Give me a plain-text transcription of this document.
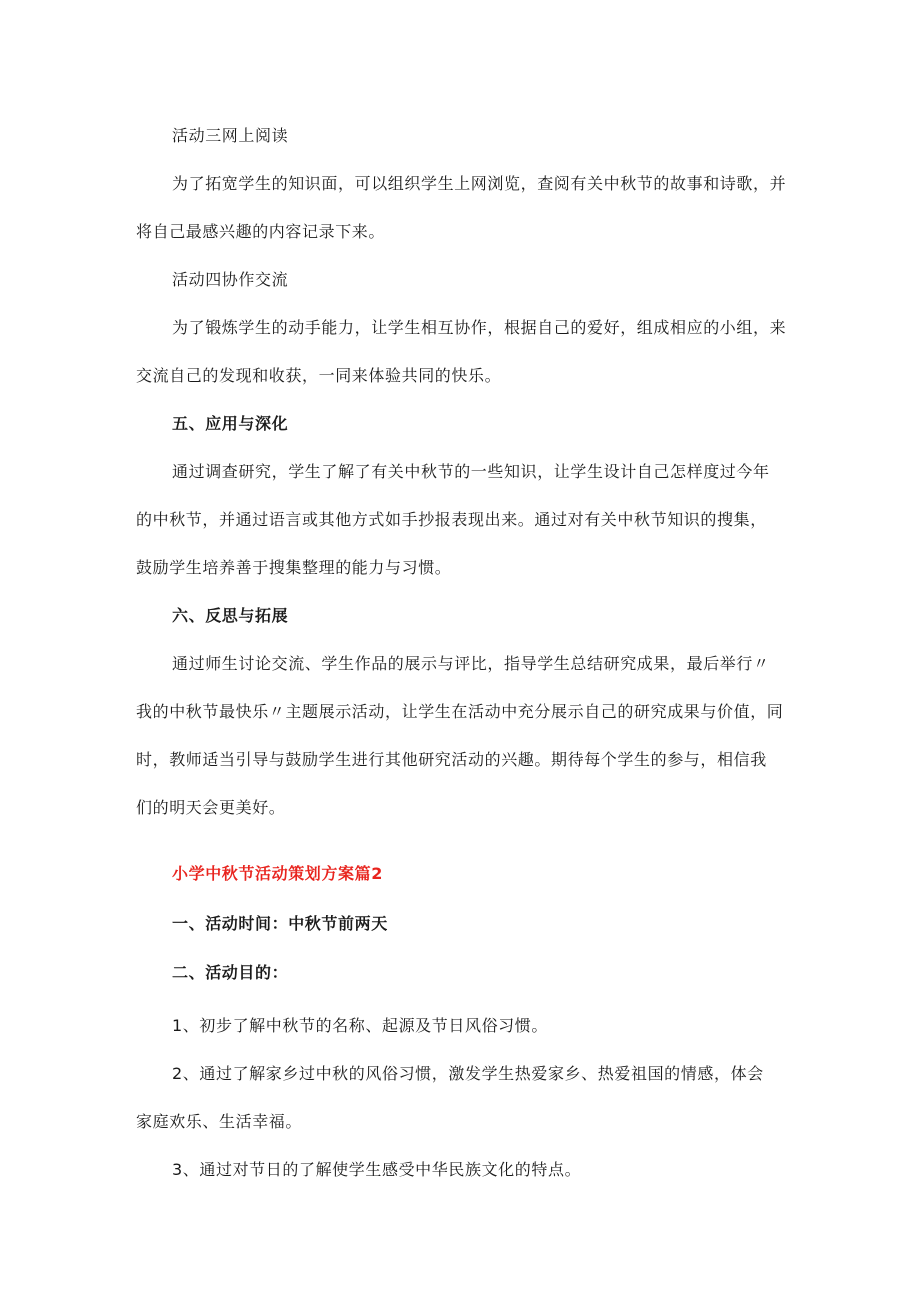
活动三网上阅读
为了拓宽学生的知识面，可以组织学生上网浏览，查阅有关中秋节的故事和诗歌，并
将自己最感兴趣的内容记录下来。
活动四协作交流
为了锻炼学生的动手能力，让学生相互协作，根据自己的爱好，组成相应的小组，来
交流自己的发现和收获，一同来体验共同的快乐。
五、应用与深化
通过调查研究，学生了解了有关中秋节的一些知识，让学生设计自己怎样度过今年
的中秋节，并通过语言或其他方式如手抄报表现出来。通过对有关中秋节知识的搜集，
鼓励学生培养善于搜集整理的能力与习惯。
六、反思与拓展
通过师生讨论交流、学生作品的展示与评比，指导学生总结研究成果，最后举行〃
我的中秋节最快乐〃主题展示活动，让学生在活动中充分展示自己的研究成果与价值，同
时，教师适当引导与鼓励学生进行其他研究活动的兴趣。期待每个学生的参与，相信我
们的明天会更美好。
小学中秋节活动策划方案篇2
一、活动时间：中秋节前两天
二、活动目的：
1、初步了解中秋节的名称、起源及节日风俗习惯。
2、通过了解家乡过中秋的风俗习惯，激发学生热爱家乡、热爱祖国的情感，体会
家庭欢乐、生活幸福。
3、通过对节日的了解使学生感受中华民族文化的特点。
